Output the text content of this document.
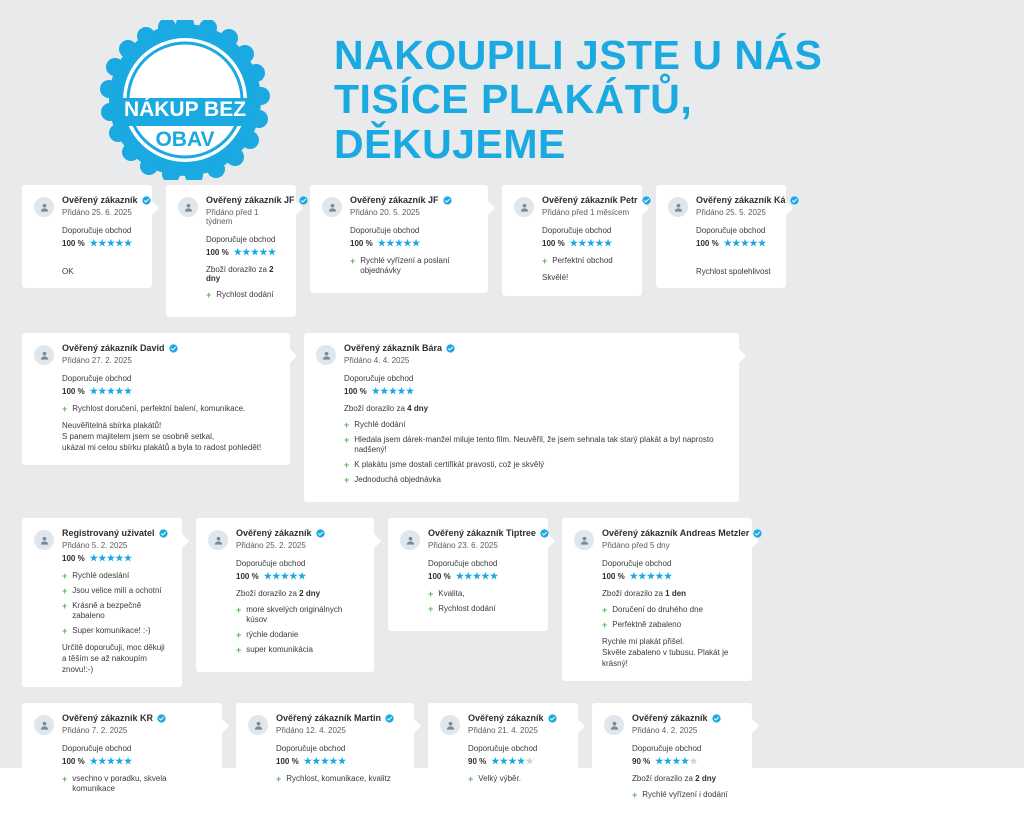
NÁKUP BEZ
OBAV
NAKOUPILI JSTE U NÁS
TISÍCE PLAKÁTŮ,
DĚKUJEME
Ověřený zákazník
Přidáno 25. 6. 2025
Doporučuje obchod
100 % ★★★★★
OK
Ověřený zákazník JF
Přidáno před 1 týdnem
Doporučuje obchod
100 % ★★★★★
Zboží dorazilo za 2 dny
+ Rychlost dodání
Ověřený zákazník JF
Přidáno 20. 5. 2025
Doporučuje obchod
100 % ★★★★★
+ Rychlé vyřízení a poslaní objednávky
Ověřený zákazník Petr
Přidáno před 1 měsícem
Doporučuje obchod
100 % ★★★★★
+ Perfektní obchod
Skvělé!
Ověřený zákazník Ká
Přidáno 25. 5. 2025
Doporučuje obchod
100 % ★★★★★
Rychlost spolehlivost
Ověřený zákazník David
Přidáno 27. 2. 2025
Doporučuje obchod
100 % ★★★★★
+ Rychlost doručení, perfektní balení, komunikace.
Neuvěřitelná sbírka plakátů!
S panem majitelem jsem se osobně setkal,
ukázal mi celou sbírku plakátů a byla to radost pohledět!
Ověřený zákazník Bára
Přidáno 4. 4. 2025
Doporučuje obchod
100 % ★★★★★
Zboží dorazilo za 4 dny
+ Rychlé dodání
+ Hledala jsem dárek-manžel miluje tento film. Neuvěřil, že jsem sehnala tak starý plakát a byl naprosto nadšený!
+ K plakátu jsme dostali certifikát pravosti, což je skvělý
+ Jednoduchá objednávka
Registrovaný uživatel
Přidáno 5. 2. 2025
100 % ★★★★★
+ Rychlé odeslání
+ Jsou velice milí a ochotní
+ Krásně a bezpečně zabaleno
+ Super komunikace! :-)
Určitě doporučuji, moc děkuji
a těším se až nakoupím znovu!:-)
Ověřený zákazník
Přidáno 25. 2. 2025
Doporučuje obchod
100 % ★★★★★
Zboží dorazilo za 2 dny
+ more skvelých originálnych kúsov
+ rýchle dodanie
+ super komunikácia
Ověřený zákazník Tiptree
Přidáno 23. 6. 2025
Doporučuje obchod
100 % ★★★★★
+ Kvalita,
+ Rychlost dodání
Ověřený zákazník Andreas Metzler
Přidáno před 5 dny
Doporučuje obchod
100 % ★★★★★
Zboží dorazilo za 1 den
+ Doručení do druhého dne
+ Perfektně zabaleno
Rychle mi plakát přišel.
Skvěle zabaleno v tubusu. Plakát je krásný!
Ověřený zákazník KR
Přidáno 7. 2. 2025
Doporučuje obchod
100 % ★★★★★
+ vsechno v poradku, skvela komunikace
Ověřený zákazník Martin
Přidáno 12. 4. 2025
Doporučuje obchod
100 % ★★★★★
+ Rychlost, komunikace, kvalitz
Ověřený zákazník
Přidáno 21. 4. 2025
Doporučuje obchod
90 % ★★★★★
+ Velký výběr.
Ověřený zákazník
Přidáno 4. 2. 2025
Doporučuje obchod
90 % ★★★★★
Zboží dorazilo za 2 dny
+ Rychlé vyřízení i dodání
